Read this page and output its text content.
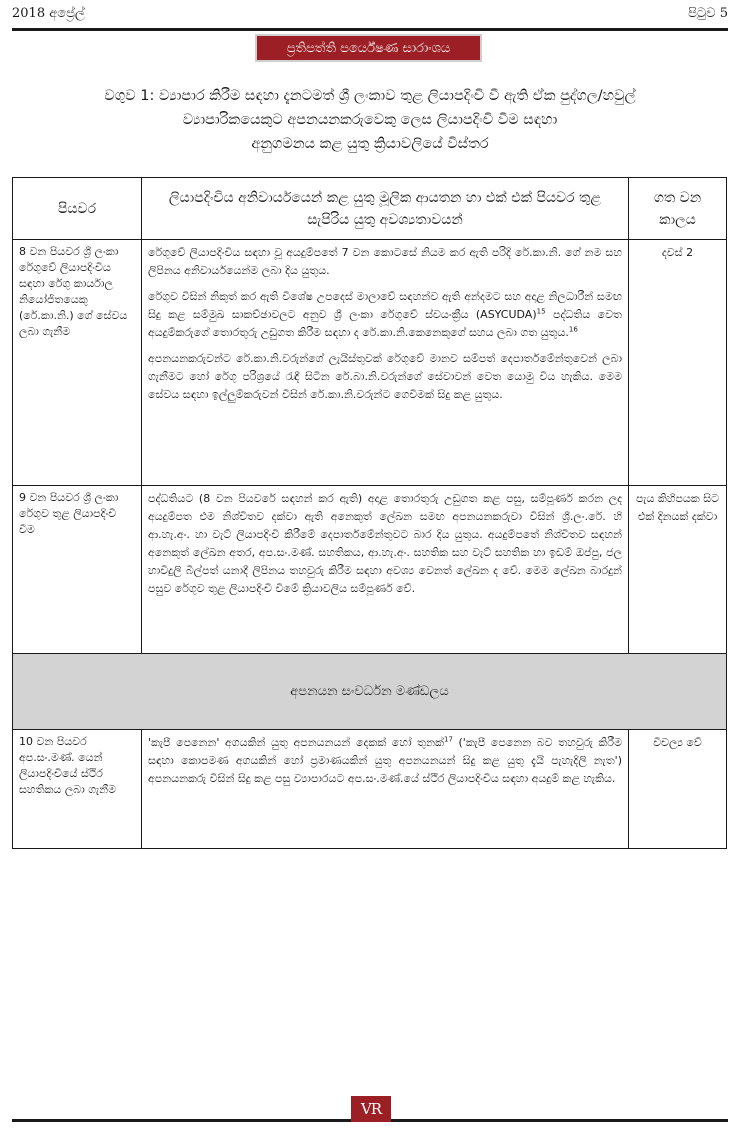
2018 අප්‍රේල්	පිටුව 5
ප්‍රතිපත්ති පර්යේෂණ සාරාංශය
වගුව 1: ව්‍යාපාර කිරීම සඳහා දැනටමත් ශ්‍රී ලංකාව තුළ ලියාපදිංචි වී ඇති ඒක පුද්ගල/හවුල්
ව්‍යාපාරිකයෙකුට අපනයනකරුවෙකු ලෙස ලියාපදිංචි වීම සඳහා
අනුගමනය කළ යුතු ක්‍රියාවලියේ විස්තර
පියවර	ලියාපදිංචිය අනිවාර්යයෙන් කළ යුතු මූලික ආයතන හා එක් එක් පියවර තුළ සැපිරිය යුතු අවශ්‍යතාවයන්	ගත වන කාලය
8 වන පියවර ශ්‍රී ලංකා රේගුවේ ලියාපදිංචිය සඳහා රේගු කාර්යාල නියෝජිතයෙකු (රේ.කා.නි.) ගේ සේවය ලබා ගැනීම	රේගුවේ ලියාපදිංචිය සඳහා වූ අයදුම්පතේ 7 වන කොටසේ නියම කර ඇති පරිදි රේ.කා.නි. ගේ නම සහ ලිපිනය අනිවාර්යයෙන්ම ලබා දිය යුතුය.

රේගුව විසින් නිකුත් කර ඇති විශේෂ උපදෙස් මාලාවේ සඳහන්ව ඇති අන්දමට සහ අදාළ නිලධාරීන් සමඟ සිදු කළ සම්මුඛ සාකච්ඡාවලට අනුව ශ්‍රී ලංකා රේගුවේ ස්වයංක්‍රීය (ASYCUDA)$^{15}$ පද්ධතිය වෙත අයදුම්කරුගේ තොරතුරු උඩුගත කිරීම සඳහා ද රේ.කා.නි.කෙනෙකුගේ සහය ලබා ගත යුතුය.$^{16}$

අපනයනකරුවන්ට රේ.කා.නි.වරුන්ගේ ලැයිස්තුවක් රේගුවේ මානව සම්පත් දෙපාර්තමේන්තුවෙන් ලබා ගැනීමට හෝ රේගු පරිශ්‍රයේ රැඳී සිටින රේ.බා.නි.වරුන්ගේ සේවාවන් වෙත යොමු විය හැකිය. මෙම සේවය සඳහා ඉල්ලුම්කරුවන් විසින් රේ.කා.නි.වරුන්ට ගෙවීමක් සිදු කළ යුතුය.	දවස් 2
9 වන පියවර ශ්‍රී ලංකා රේගුව තුළ ලියාපදිංචි වීම	පද්ධතියට (8 වන පියවරේ සඳහන් කර ඇති) අදාළ තොරතුරු උඩුගත කළ පසු, සම්පූර්ණ කරන ලද අයදුම්පත එම නිශ්චිතව දක්වා ඇති අනෙකුත් ලේඛන සමඟ අපනයනකරුවා විසින් ශ්‍රී.ලං.රේ. හි ආ.හැ.අං. හා වැට් ලියාපදිංචි කිරීමේ දෙපාර්තමේන්තුවට බාර දිය යුතුය. අයදුම්පතේ නිශ්චිතව සඳහන් අනෙකුත් ලේඛන අතර, අප.සං.මණ්. සහතිකය, ආ.හැ.අං. සහතික සහ වැට් සහතික හා ඉඩම් ඔප්පු, ජල හාවිදුලි බිල්පත් යනාදී ලිපිනය තහවුරු කිරීම සඳහා අවශ්‍ය වෙනත් ලේඛන ද වේ. මෙම ලේඛන බාරදුන් පසුව රේගුව තුළ ලියාපදිංචි වීමේ ක්‍රියාවලිය සම්පූර්ණ වේ.	පැය කිහිපයක සිට එක් දිනයක් දක්වා
අපනයන සංවර්ධන මණ්ඩලය		
10 වන පියවර අප.සං.මණ්. යෙන් ලියාපදිංචියේ ස්ථිර සහතිකය ලබා ගැනීම	'කැපී පෙනෙන' අගයකින් යුතු අපනයනයන් දෙකක් හෝ තුනක්$^{17}$ ('කැපී පෙනෙන බව තහවුරු කිරීම සඳහා කොපමණ අගයකින් හෝ ප්‍රමාණයකින් යුතු අපනයනයන් සිදු කළ යුතු දැයි පැහැදිලි නැත') අපනයනකරු විසින් සිදු කළ පසු ව්‍යාපාරයට අප.සං.මණ්.යේ ස්ථිර ලියාපදිංචිය සඳහා අයදුම් කළ හැකිය.	විචල්‍ය වේ
VR
